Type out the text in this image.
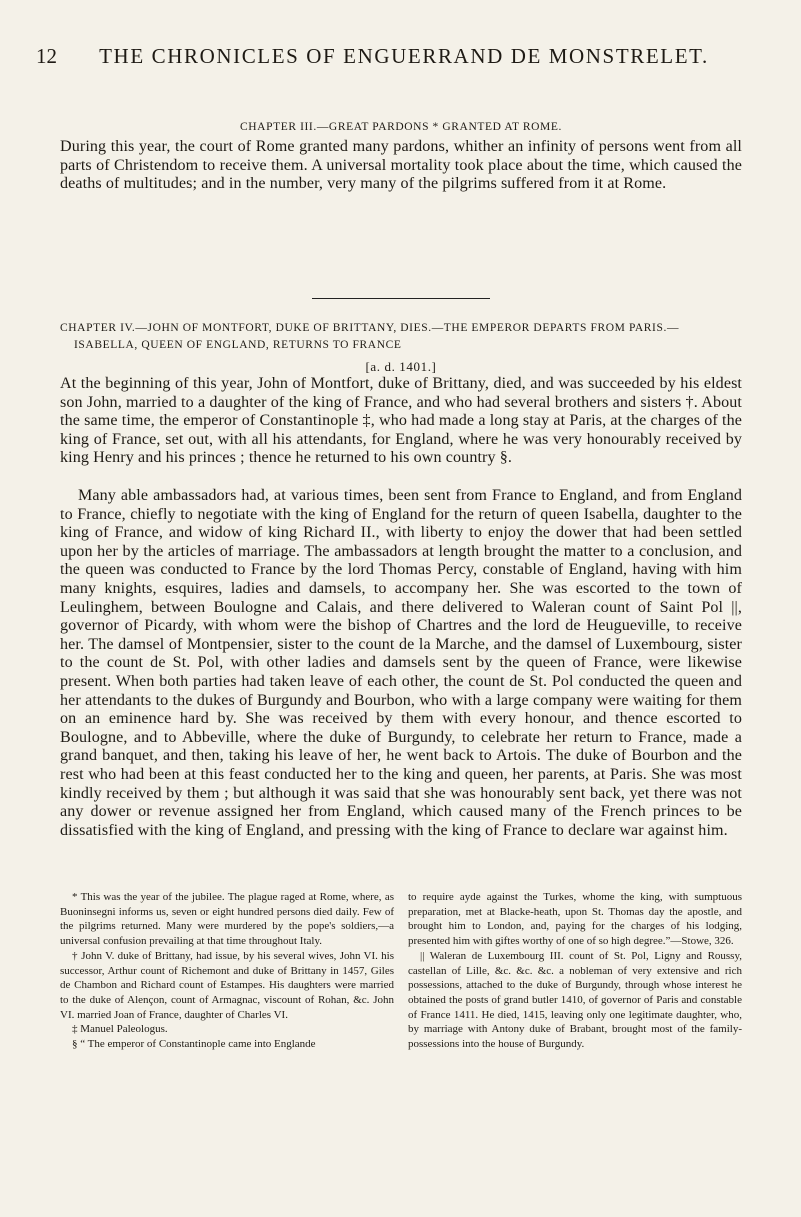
12	THE CHRONICLES OF ENGUERRAND DE MONSTRELET.
CHAPTER III.—GREAT PARDONS * GRANTED AT ROME.

During this year, the court of Rome granted many pardons, whither an infinity of persons went from all parts of Christendom to receive them. A universal mortality took place about the time, which caused the deaths of multitudes; and in the number, very many of the pilgrims suffered from it at Rome.

CHAPTER IV.—JOHN OF MONTFORT, DUKE OF BRITTANY, DIES.—THE EMPEROR DEPARTS FROM PARIS.—ISABELLA, QUEEN OF ENGLAND, RETURNS TO FRANCE
[a. d. 1401.]

At the beginning of this year, John of Montfort, duke of Brittany, died, and was succeeded by his eldest son John, married to a daughter of the king of France, and who had several brothers and sisters †. About the same time, the emperor of Constantinople ‡, who had made a long stay at Paris, at the charges of the king of France, set out, with all his attendants, for England, where he was very honourably received by king Henry and his princes ; thence he returned to his own country §.

Many able ambassadors had, at various times, been sent from France to England, and from England to France, chiefly to negotiate with the king of England for the return of queen Isabella, daughter to the king of France, and widow of king Richard II., with liberty to enjoy the dower that had been settled upon her by the articles of marriage. The ambassadors at length brought the matter to a conclusion, and the queen was conducted to France by the lord Thomas Percy, constable of England, having with him many knights, esquires, ladies and damsels, to accompany her. She was escorted to the town of Leulinghem, between Boulogne and Calais, and there delivered to Waleran count of Saint Pol ||, governor of Picardy, with whom were the bishop of Chartres and the lord de Heugueville, to receive her. The damsel of Montpensier, sister to the count de la Marche, and the damsel of Luxembourg, sister to the count de St. Pol, with other ladies and damsels sent by the queen of France, were likewise present. When both parties had taken leave of each other, the count de St. Pol conducted the queen and her attendants to the dukes of Burgundy and Bourbon, who with a large company were waiting for them on an eminence hard by. She was received by them with every honour, and thence escorted to Boulogne, and to Abbeville, where the duke of Burgundy, to celebrate her return to France, made a grand banquet, and then, taking his leave of her, he went back to Artois. The duke of Bourbon and the rest who had been at this feast conducted her to the king and queen, her parents, at Paris. She was most kindly received by them ; but although it was said that she was honourably sent back, yet there was not any dower or revenue assigned her from England, which caused many of the French princes to be dissatisfied with the king of England, and pressing with the king of France to declare war against him.

* This was the year of the jubilee. The plague raged at Rome, where, as Buoninsegni informs us, seven or eight hundred persons died daily. Few of the pilgrims returned. Many were murdered by the pope's soldiers,—a universal confusion prevailing at that time throughout Italy.

† John V. duke of Brittany, had issue, by his several wives, John VI. his successor, Arthur count of Richemont and duke of Brittany in 1457, Giles de Chambon and Richard count of Estampes. His daughters were married to the duke of Alençon, count of Armagnac, viscount of Rohan, &c. John VI. married Joan of France, daughter of Charles VI.

‡ Manuel Paleologus.

§ “ The emperor of Constantinople came into Englande

to require ayde against the Turkes, whome the king, with sumptuous preparation, met at Blacke-heath, upon St. Thomas day the apostle, and brought him to London, and, paying for the charges of his lodging, presented him with giftes worthy of one of so high degree.”—Stowe, 326.

|| Waleran de Luxembourg III. count of St. Pol, Ligny and Roussy, castellan of Lille, &c. &c. &c. a nobleman of very extensive and rich possessions, attached to the duke of Burgundy, through whose interest he obtained the posts of grand butler 1410, of governor of Paris and constable of France 1411. He died, 1415, leaving only one legitimate daughter, who, by marriage with Antony duke of Brabant, brought most of the family-possessions into the house of Burgundy.
